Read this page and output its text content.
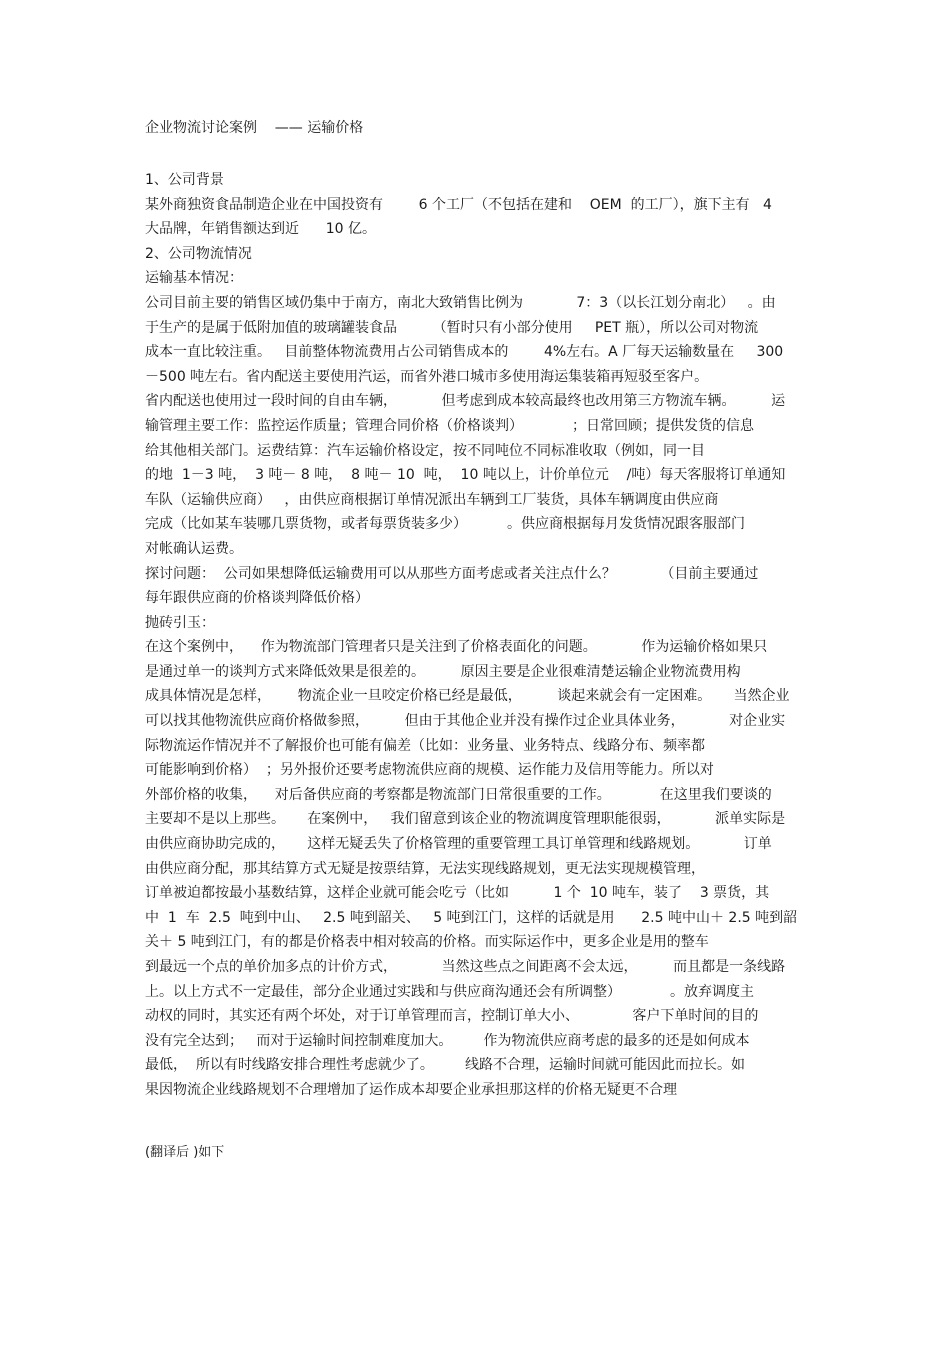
企业物流讨论案例    —— 运输价格
1、公司背景
某外商独资食品制造企业在中国投资有        6 个工厂（不包括在建和    OEM  的工厂），旗下主有   4
大品牌，年销售额达到近      10 亿。
2、公司物流情况
运输基本情况：
公司目前主要的销售区域仍集中于南方，南北大致销售比例为            7：3（以长江划分南北）   。由
于生产的是属于低附加值的玻璃罐装食品        （暂时只有小部分使用     PET 瓶），所以公司对物流
成本一直比较注重。   目前整体物流费用占公司销售成本的        4%左右。A 厂每天运输数量在     300
－500 吨左右。省内配送主要使用汽运，而省外港口城市多使用海运集装箱再短驳至客户。
省内配送也使用过一段时间的自由车辆，          但考虑到成本较高最终也改用第三方物流车辆。        运
输管理主要工作：监控运作质量；管理合同价格（价格谈判）           ；日常回顾；提供发货的信息
给其他相关部门。运费结算：汽车运输价格设定，按不同吨位不同标准收取（例如，同一目
的地  1－3 吨，  3 吨－ 8 吨，  8 吨－ 10  吨，  10 吨以上，计价单位元    /吨）每天客服将订单通知
车队（运输供应商）   ，由供应商根据订单情况派出车辆到工厂装货，具体车辆调度由供应商
完成（比如某车装哪几票货物，或者每票货装多少）         。供应商根据每月发货情况跟客服部门
对帐确认运费。
探讨问题：  公司如果想降低运输费用可以从那些方面考虑或者关注点什么？          （目前主要通过
每年跟供应商的价格谈判降低价格）
抛砖引玉：
在这个案例中，    作为物流部门管理者只是关注到了价格表面化的问题。          作为运输价格如果只
是通过单一的谈判方式来降低效果是很差的。        原因主要是企业很难清楚运输企业物流费用构
成具体情况是怎样，      物流企业一旦咬定价格已经是最低，        谈起来就会有一定困难。     当然企业
可以找其他物流供应商价格做参照，        但由于其他企业并没有操作过企业具体业务，          对企业实
际物流运作情况并不了解报价也可能有偏差（比如：业务量、业务特点、线路分布、频率都
可能影响到价格）  ；另外报价还要考虑物流供应商的规模、运作能力及信用等能力。所以对
外部价格的收集，    对后备供应商的考察都是物流部门日常很重要的工作。           在这里我们要谈的
主要却不是以上那些。     在案例中，   我们留意到该企业的物流调度管理职能很弱，          派单实际是
由供应商协助完成的，     这样无疑丢失了价格管理的重要管理工具订单管理和线路规划。          订单
由供应商分配，那其结算方式无疑是按票结算，无法实现线路规划，更无法实现规模管理，
订单被迫都按最小基数结算，这样企业就可能会吃亏（比如          1 个  10 吨车，装了    3 票货，其
中  1  车  2.5  吨到中山、   2.5 吨到韶关、   5 吨到江门，这样的话就是用      2.5 吨中山＋ 2.5 吨到韶
关＋ 5 吨到江门，有的都是价格表中相对较高的价格。而实际运作中，更多企业是用的整车
到最远一个点的单价加多点的计价方式，          当然这些点之间距离不会太远，        而且都是一条线路
上。以上方式不一定最佳，部分企业通过实践和与供应商沟通还会有所调整）           。放弃调度主
动权的同时，其实还有两个坏处，对于订单管理而言，控制订单大小、            客户下单时间的目的
没有完全达到；   而对于运输时间控制难度加大。       作为物流供应商考虑的最多的还是如何成本
最低，  所以有时线路安排合理性考虑就少了。       线路不合理，运输时间就可能因此而拉长。如
果因物流企业线路规划不合理增加了运作成本却要企业承担那这样的价格无疑更不合理
(翻译后 )如下
